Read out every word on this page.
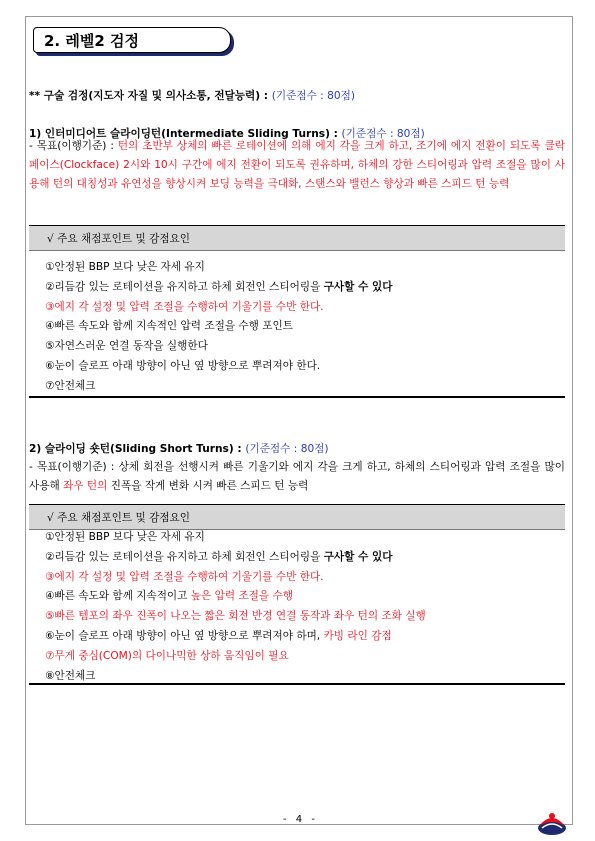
2. 레벨2 검정
** 구술 검정(지도자 자질 및 의사소통, 전달능력) : (기준점수 : 80점)
1) 인터미디어트 슬라이딩턴(Intermediate Sliding Turns) : (기준점수 : 80점)
- 목표(이행기준) : 턴의 초반부 상체의 빠른 로테이션에 의해 에지 각을 크게 하고, 조기에 에지 전환이 되도록 클락페이스(Clockface) 2시와 10시 구간에 에지 전환이 되도록 권유하며, 하체의 강한 스티어링과 압력 조절을 많이 사용해 턴의 대칭성과 유연성을 향상시켜 보딩 능력을 극대화, 스탠스와 밸런스 향상과 빠른 스피드 턴 능력
√ 주요 채점포인트 및 감점요인
①안정된 BBP 보다 낮은 자세 유지
②리듬감 있는 로테이션을 유지하고 하체 회전인 스티어링을 구사할 수 있다
③에지 각 설정 및 압력 조절을 수행하여 기울기를 수반 한다.
④빠른 속도와 함께 지속적인 압력 조절을 수행 포인트
⑤자연스러운 연결 동작을 실행한다
⑥눈이 슬로프 아래 방향이 아닌 옆 방향으로 뿌려져야 한다.
⑦안전체크
2) 슬라이딩 숏턴(Sliding Short Turns) : (기준점수 : 80점)
- 목표(이행기준) : 상체 회전을 선행시켜 빠른 기울기와 에지 각을 크게 하고, 하체의 스티어링과 압력 조절을 많이 사용해 좌우 턴의 진폭을 작게 변화 시켜 빠른 스피드 턴 능력
√ 주요 채점포인트 및 감점요인
①안정된 BBP 보다 낮은 자세 유지
②리듬감 있는 로테이션을 유지하고 하체 회전인 스티어링을 구사할 수 있다
③에지 각 설정 및 압력 조절을 수행하여 기울기를 수반 한다.
④빠른 속도와 함께 지속적이고 높은 압력 조절을 수행
⑤빠른 템포의 좌우 진폭이 나오는 짧은 회전 반경 연결 동작과 좌우 턴의 조화 실행
⑥눈이 슬로프 아래 방향이 아닌 옆 방향으로 뿌려져야 하며, 카빙 라인 감점
⑦무게 중심(COM)의 다이나믹한 상하 움직임이 필요
⑧안전체크
- 4 -
